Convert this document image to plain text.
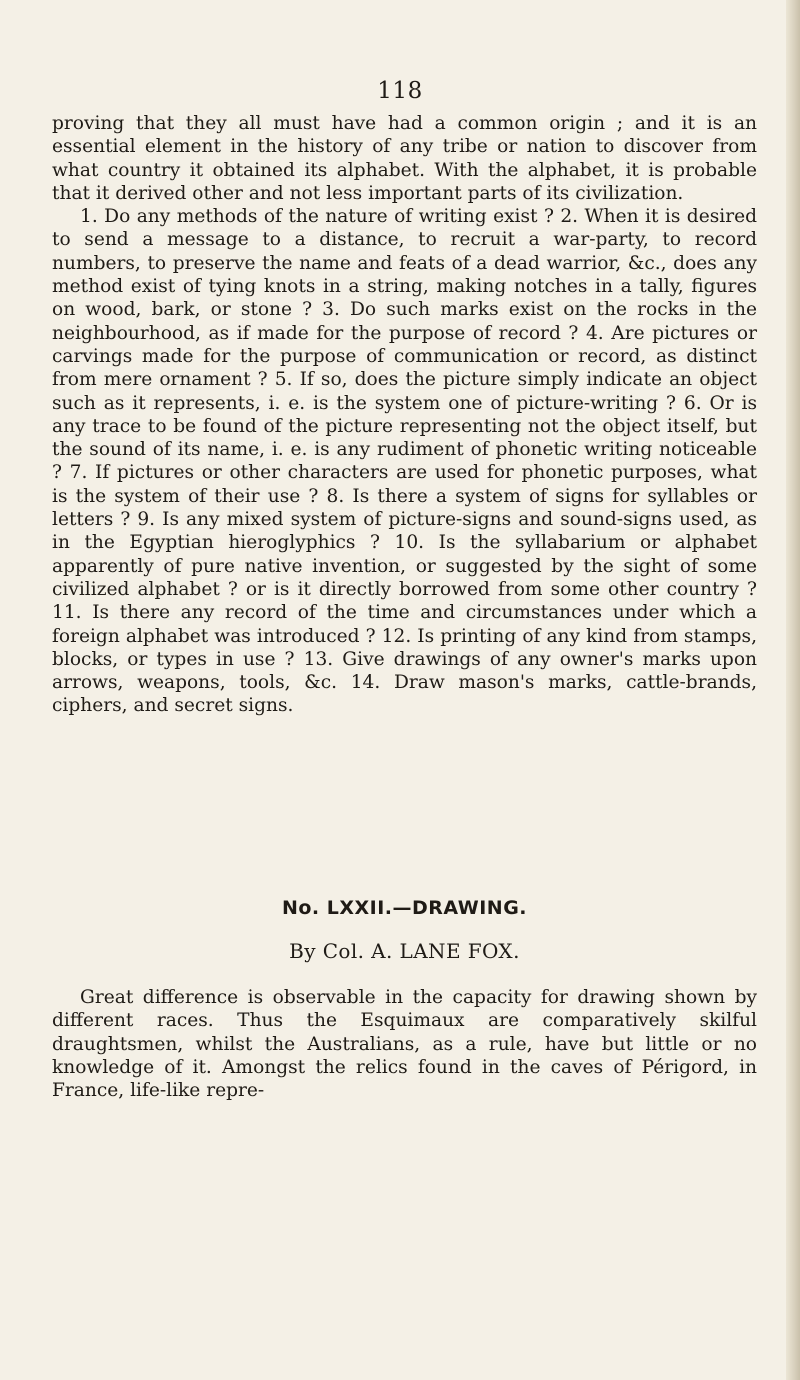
118

proving that they all must have had a common origin ; and it is an essential element in the history of any tribe or nation to discover from what country it obtained its alphabet. With the alphabet, it is probable that it derived other and not less important parts of its civilization.

1. Do any methods of the nature of writing exist ? 2. When it is desired to send a message to a distance, to recruit a war-party, to record numbers, to preserve the name and feats of a dead warrior, &c., does any method exist of tying knots in a string, making notches in a tally, figures on wood, bark, or stone ? 3. Do such marks exist on the rocks in the neighbourhood, as if made for the purpose of record ? 4. Are pictures or carvings made for the purpose of communication or record, as distinct from mere ornament ? 5. If so, does the picture simply indicate an object such as it represents, i. e. is the system one of picture-writing ? 6. Or is any trace to be found of the picture representing not the object itself, but the sound of its name, i. e. is any rudiment of phonetic writing noticeable ? 7. If pictures or other characters are used for phonetic purposes, what is the system of their use ? 8. Is there a system of signs for syllables or letters ? 9. Is any mixed system of picture-signs and sound-signs used, as in the Egyptian hieroglyphics ? 10. Is the syllabarium or alphabet apparently of pure native invention, or suggested by the sight of some civilized alphabet ? or is it directly borrowed from some other country ? 11. Is there any record of the time and circumstances under which a foreign alphabet was introduced ? 12. Is printing of any kind from stamps, blocks, or types in use ? 13. Give drawings of any owner's marks upon arrows, weapons, tools, &c. 14. Draw mason's marks, cattle-brands, ciphers, and secret signs.

No. LXXII.—DRAWING.
By Col. A. LANE FOX.

Great difference is observable in the capacity for drawing shown by different races. Thus the Esquimaux are comparatively skilful draughtsmen, whilst the Australians, as a rule, have but little or no knowledge of it. Amongst the relics found in the caves of Périgord, in France, life-like repre-
